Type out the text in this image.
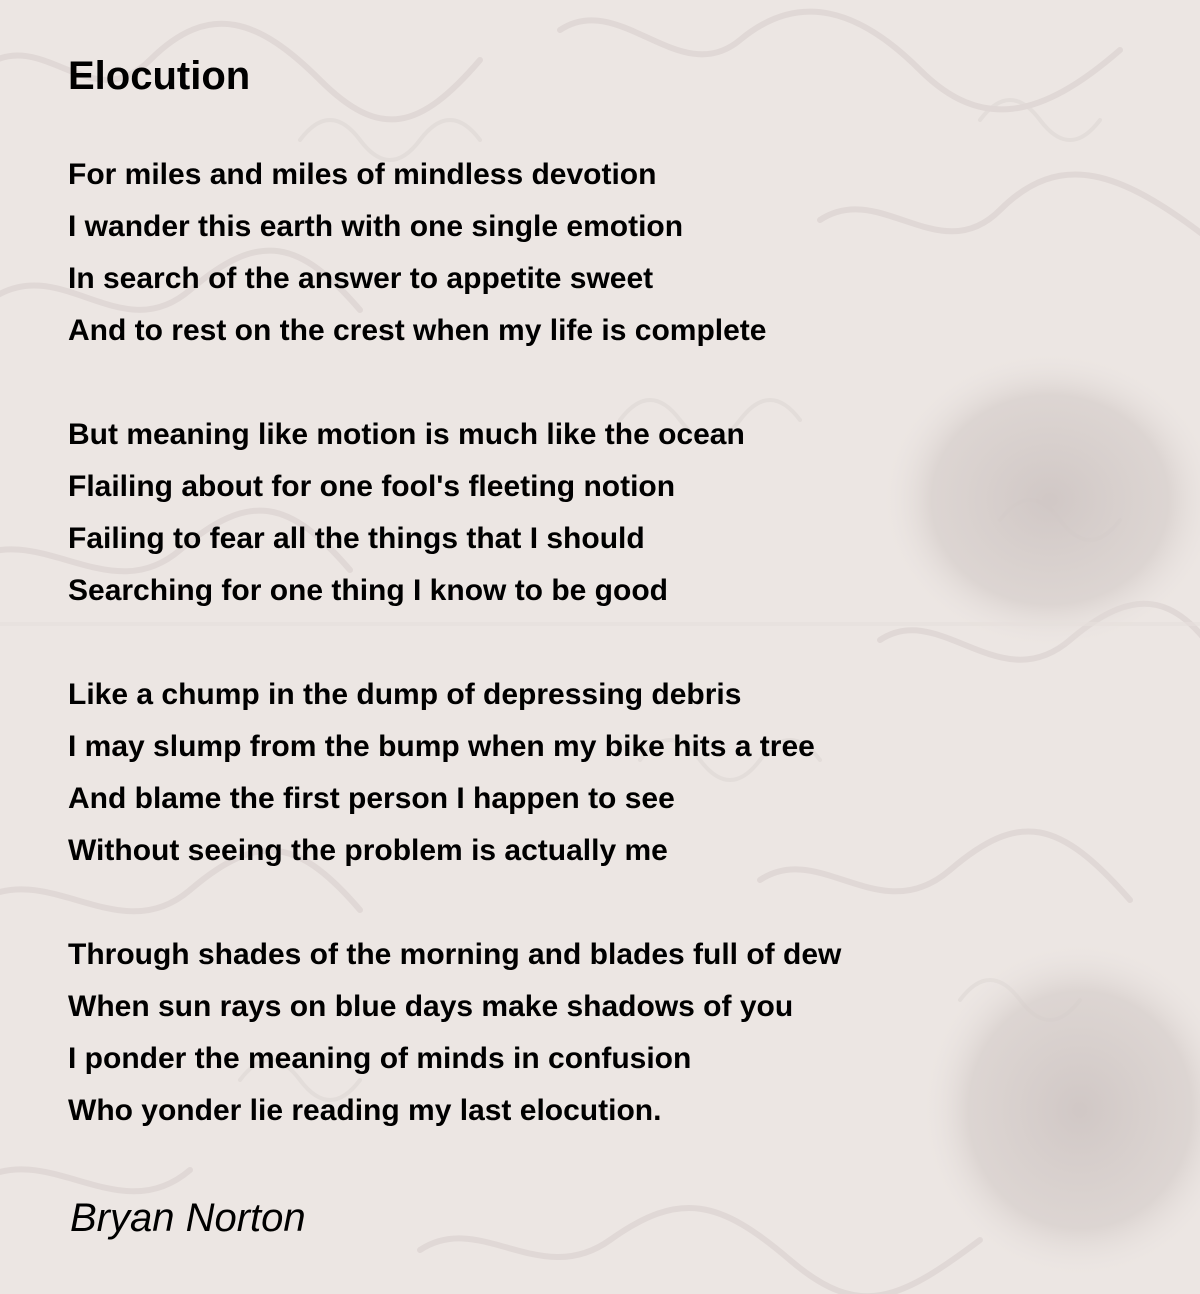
Elocution
For miles and miles of mindless devotion
I wander this earth with one single emotion
In search of the answer to appetite sweet
And to rest on the crest when my life is complete
But meaning like motion is much like the ocean
Flailing about for one fool's fleeting notion
Failing to fear all the things that I should
Searching for one thing I know to be good
Like a chump in the dump of depressing debris
I may slump from the bump when my bike hits a tree
And blame the first person I happen to see
Without seeing the problem is actually me
Through shades of the morning and blades full of dew
When sun rays on blue days make shadows of you
I ponder the meaning of minds in confusion
Who yonder lie reading my last elocution.

Bryan Norton
